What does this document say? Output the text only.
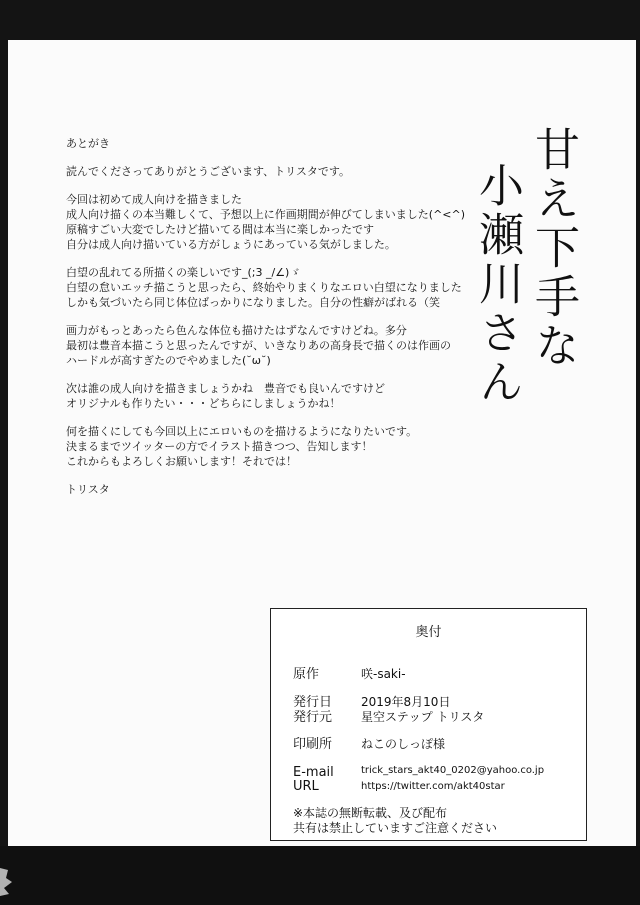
あとがき
読んでくださってありがとうございます、トリスタです。
今回は初めて成人向けを描きました
成人向け描くの本当難しくて、予想以上に作画期間が伸びてしまいました(^<^)
原稿すごい大変でしたけど描いてる間は本当に楽しかったです
自分は成人向け描いている方がしょうにあっている気がしました。
白望の乱れてる所描くの楽しいです_(;3 _/∠)ゞ
白望の怠いエッチ描こうと思ったら、終始やりまくりなエロい白望になりました
しかも気づいたら同じ体位ばっかりになりました。自分の性癖がばれる（笑
画力がもっとあったら色んな体位も描けたはずなんですけどね。多分
最初は豊音本描こうと思ったんですが、いきなりあの高身長で描くのは作画の
ハードルが高すぎたのでやめました(˘ω˘)
次は誰の成人向けを描きましょうかね　豊音でも良いんですけど
オリジナルも作りたい・・・どちらにしましょうかね！
何を描くにしても今回以上にエロいものを描けるようになりたいです。
決まるまでツイッターの方でイラスト描きつつ、告知します！
これからもよろしくお願いします！それでは！
トリスタ
甘え下手な
小瀬川さん
奥付
原作	咲-saki-
発行日 2019年8月10日
発行元 星空ステップ トリスタ
印刷所 ねこのしっぽ様
E-mail	trick_stars_akt40_0202@yahoo.co.jp
URL	https://twitter.com/akt40star
※本誌の無断転載、及び配布
共有は禁止していますご注意ください
